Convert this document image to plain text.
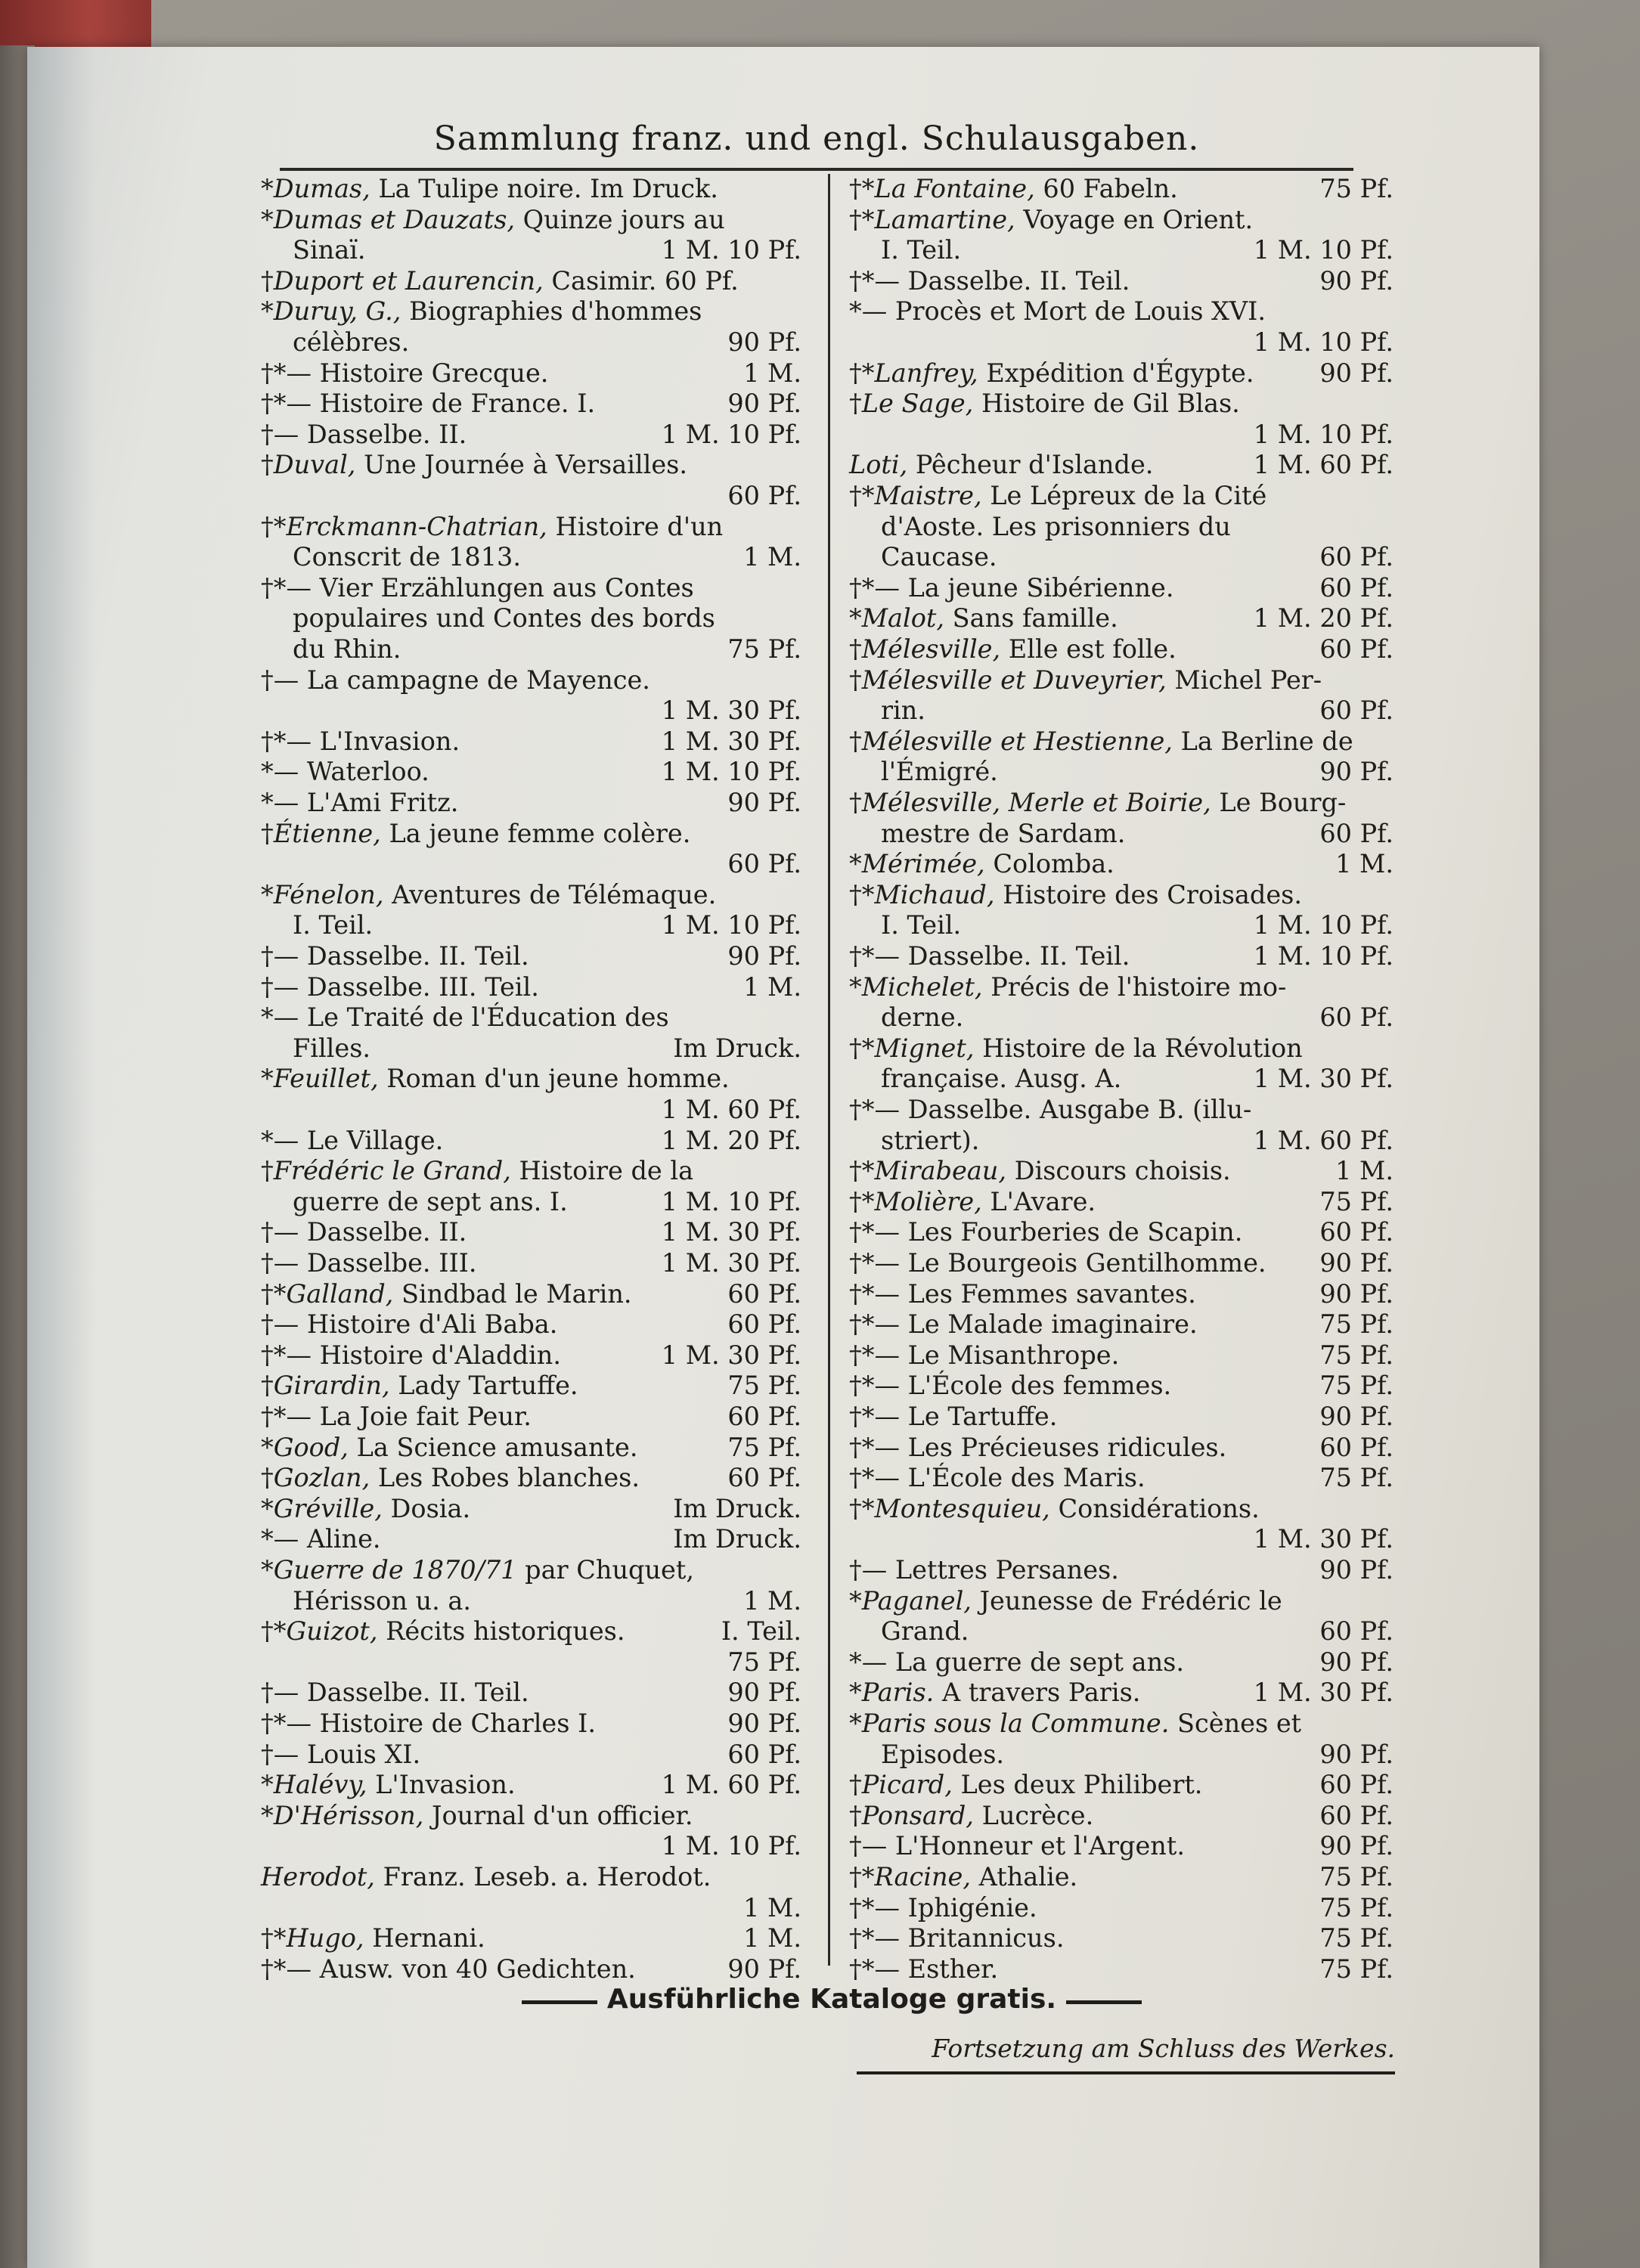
Sammlung franz. und engl. Schulausgaben.
*Dumas, La Tulipe noire. Im Druck.
*Dumas et Dauzats, Quinze jours au
Sinaï.	1 M. 10 Pf.
†Duport et Laurencin, Casimir. 60 Pf.
*Duruy, G., Biographies d'hommes
célèbres.	90 Pf.
†*— Histoire Grecque.	1 M.
†*— Histoire de France. I.	90 Pf.
†— Dasselbe. II.	1 M. 10 Pf.
†Duval, Une Journée à Versailles.
60 Pf.
†*Erckmann-Chatrian, Histoire d'un
Conscrit de 1813.	1 M.
†*— Vier Erzählungen aus Contes
populaires und Contes des bords
du Rhin.	75 Pf.
†— La campagne de Mayence.
1 M. 30 Pf.
†*— L'Invasion.	1 M. 30 Pf.
*— Waterloo.	1 M. 10 Pf.
*— L'Ami Fritz.	90 Pf.
†Étienne, La jeune femme colère.
60 Pf.
*Fénelon, Aventures de Télémaque.
I. Teil.	1 M. 10 Pf.
†— Dasselbe. II. Teil.	90 Pf.
†— Dasselbe. III. Teil.	1 M.
*— Le Traité de l'Éducation des
Filles.	Im Druck.
*Feuillet, Roman d'un jeune homme.
1 M. 60 Pf.
*— Le Village.	1 M. 20 Pf.
†Frédéric le Grand, Histoire de la
guerre de sept ans. I.	1 M. 10 Pf.
†— Dasselbe. II.	1 M. 30 Pf.
†— Dasselbe. III.	1 M. 30 Pf.
†*Galland, Sindbad le Marin.	60 Pf.
†— Histoire d'Ali Baba.	60 Pf.
†*— Histoire d'Aladdin.	1 M. 30 Pf.
†Girardin, Lady Tartuffe.	75 Pf.
†*— La Joie fait Peur.	60 Pf.
*Good, La Science amusante.	75 Pf.
†Gozlan, Les Robes blanches.	60 Pf.
*Gréville, Dosia.	Im Druck.
*— Aline.	Im Druck.
*Guerre de 1870/71 par Chuquet,
Hérisson u. a.	1 M.
†*Guizot, Récits historiques.	I. Teil.
75 Pf.
†— Dasselbe. II. Teil.	90 Pf.
†*— Histoire de Charles I.	90 Pf.
†— Louis XI.	60 Pf.
*Halévy, L'Invasion.	1 M. 60 Pf.
*D'Hérisson, Journal d'un officier.
1 M. 10 Pf.
Herodot, Franz. Leseb. a. Herodot.
1 M.
†*Hugo, Hernani.	1 M.
†*— Ausw. von 40 Gedichten.	90 Pf.
†*La Fontaine, 60 Fabeln.	75 Pf.
†*Lamartine, Voyage en Orient.
I. Teil.	1 M. 10 Pf.
†*— Dasselbe. II. Teil.	90 Pf.
*— Procès et Mort de Louis XVI.
1 M. 10 Pf.
†*Lanfrey, Expédition d'Égypte.	90 Pf.
†Le Sage, Histoire de Gil Blas.
1 M. 10 Pf.
Loti, Pêcheur d'Islande.	1 M. 60 Pf.
†*Maistre, Le Lépreux de la Cité
d'Aoste. Les prisonniers du
Caucase.	60 Pf.
†*— La jeune Sibérienne.	60 Pf.
*Malot, Sans famille.	1 M. 20 Pf.
†Mélesville, Elle est folle.	60 Pf.
†Mélesville et Duveyrier, Michel Per-
rin.	60 Pf.
†Mélesville et Hestienne, La Berline de
l'Émigré.	90 Pf.
†Mélesville, Merle et Boirie, Le Bourg-
mestre de Sardam.	60 Pf.
*Mérimée, Colomba.	1 M.
†*Michaud, Histoire des Croisades.
I. Teil.	1 M. 10 Pf.
†*— Dasselbe. II. Teil.	1 M. 10 Pf.
*Michelet, Précis de l'histoire mo-
derne.	60 Pf.
†*Mignet, Histoire de la Révolution
française. Ausg. A.	1 M. 30 Pf.
†*— Dasselbe. Ausgabe B. (illu-
striert).	1 M. 60 Pf.
†*Mirabeau, Discours choisis.	1 M.
†*Molière, L'Avare.	75 Pf.
†*— Les Fourberies de Scapin.	60 Pf.
†*— Le Bourgeois Gentilhomme. 90 Pf.
†*— Les Femmes savantes.	90 Pf.
†*— Le Malade imaginaire.	75 Pf.
†*— Le Misanthrope.	75 Pf.
†*— L'École des femmes.	75 Pf.
†*— Le Tartuffe.	90 Pf.
†*— Les Précieuses ridicules.	60 Pf.
†*— L'École des Maris.	75 Pf.
†*Montesquieu, Considérations.
1 M. 30 Pf.
†— Lettres Persanes.	90 Pf.
*Paganel, Jeunesse de Frédéric le
Grand.	60 Pf.
*— La guerre de sept ans.	90 Pf.
*Paris. A travers Paris.	1 M. 30 Pf.
*Paris sous la Commune. Scènes et
Episodes.	90 Pf.
†Picard, Les deux Philibert.	60 Pf.
†Ponsard, Lucrèce.	60 Pf.
†— L'Honneur et l'Argent.	90 Pf.
†*Racine, Athalie.	75 Pf.
†*— Iphigénie.	75 Pf.
†*— Britannicus.	75 Pf.
†*— Esther.	75 Pf.
Ausführliche Kataloge gratis.
Fortsetzung am Schluss des Werkes.
